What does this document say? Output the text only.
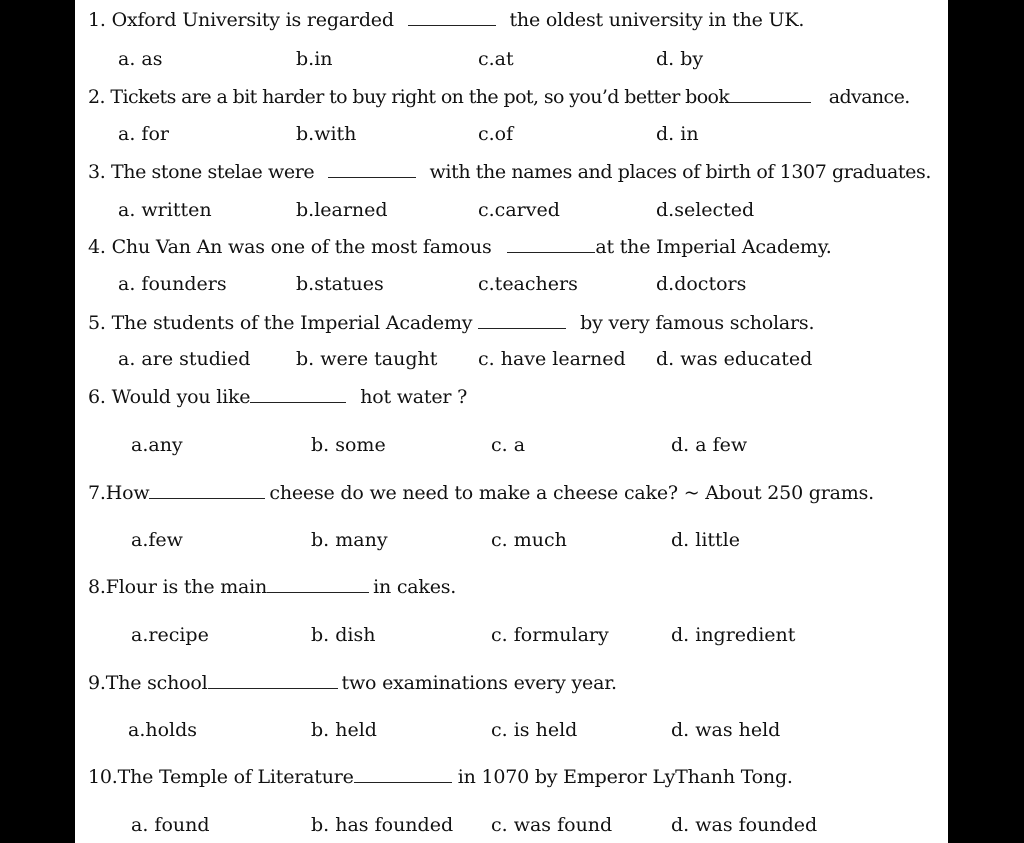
1. Oxford University is regarded	the oldest university in the UK.
a. as	b.in	c.at	d. by
2. Tickets are a bit harder to buy right on the pot, so you’d better book	advance.
a. for	b.with	c.of	d. in
3. The stone stelae were	with the names and places of birth of 1307 graduates.
a. written	b.learned	c.carved	d.selected
4. Chu Van An was one of the most famous	at the Imperial Academy.
a. founders	b.statues	c.teachers	d.doctors
5. The students of the Imperial Academy	by very famous scholars.
a. are studied b. were taught c. have learned d. was educated
6. Would you like	hot water ?
a.any	b. some	c. a	d. a few
7.How	cheese do we need to make a cheese cake? ~ About 250 grams.
a.few	b. many	c. much	d. little
8.Flour is the main	in cakes.
a.recipe	b. dish	c. formulary	d. ingredient
9.The school	two examinations every year.
a.holds	b. held	c. is held	d. was held
10.The Temple of Literature	in 1070 by Emperor LyThanh Tong.
a. found	b. has founded c. was found	d. was founded
